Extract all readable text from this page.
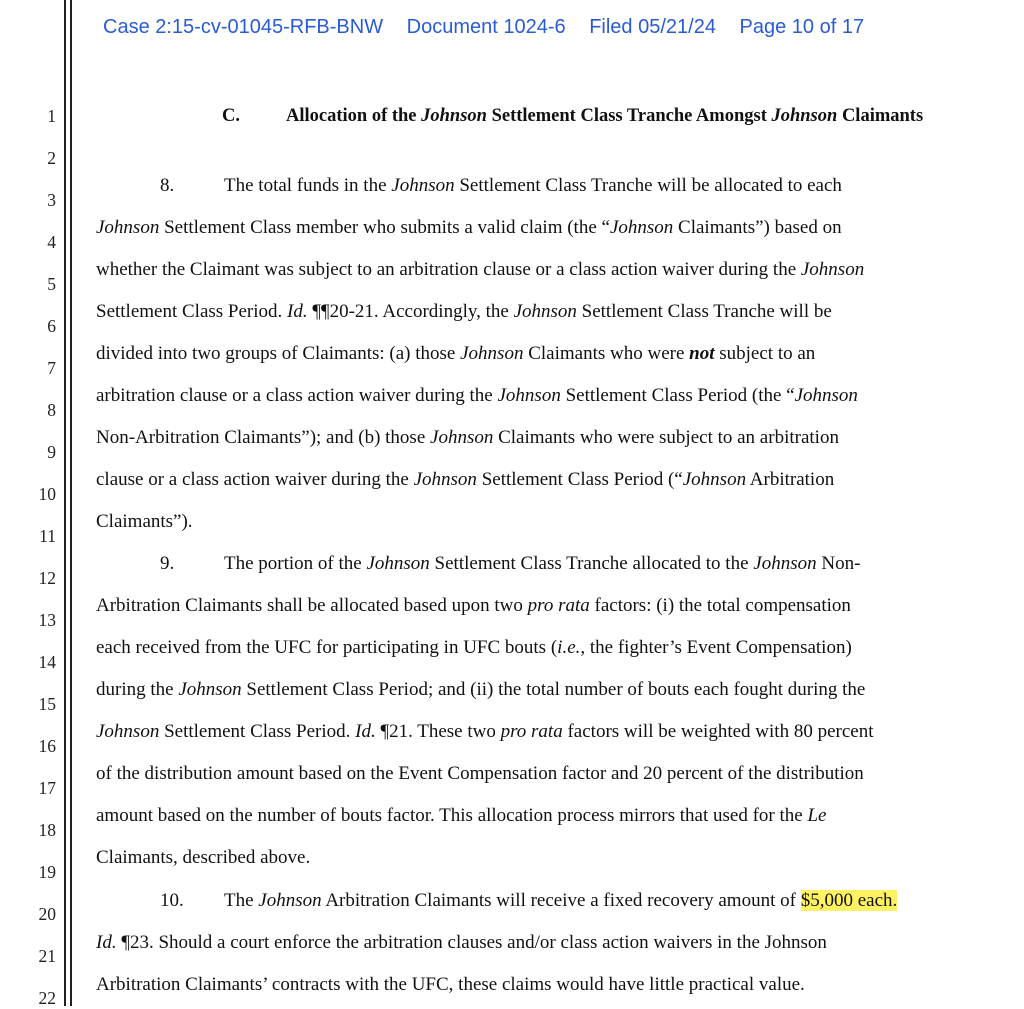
Case 2:15-cv-01045-RFB-BNW Document 1024-6 Filed 05/21/24 Page 10 of 17
1
2
3
4
5
6
7
8
9
10
11
12
13
14
15
16
17
18
19
20
21
22
C. Allocation of the Johnson Settlement Class Tranche Amongst Johnson Claimants
8.	The total funds in the Johnson Settlement Class Tranche will be allocated to each
Johnson Settlement Class member who submits a valid claim (the “Johnson Claimants”) based on
whether the Claimant was subject to an arbitration clause or a class action waiver during the Johnson
Settlement Class Period. Id. ¶¶20-21. Accordingly, the Johnson Settlement Class Tranche will be
divided into two groups of Claimants: (a) those Johnson Claimants who were not subject to an
arbitration clause or a class action waiver during the Johnson Settlement Class Period (the “Johnson
Non-Arbitration Claimants”); and (b) those Johnson Claimants who were subject to an arbitration
clause or a class action waiver during the Johnson Settlement Class Period (“Johnson Arbitration
Claimants”).
9.	The portion of the Johnson Settlement Class Tranche allocated to the Johnson Non-
Arbitration Claimants shall be allocated based upon two pro rata factors: (i) the total compensation
each received from the UFC for participating in UFC bouts (i.e., the fighter’s Event Compensation)
during the Johnson Settlement Class Period; and (ii) the total number of bouts each fought during the
Johnson Settlement Class Period. Id. ¶21. These two pro rata factors will be weighted with 80 percent
of the distribution amount based on the Event Compensation factor and 20 percent of the distribution
amount based on the number of bouts factor. This allocation process mirrors that used for the Le
Claimants, described above.
10. The Johnson Arbitration Claimants will receive a fixed recovery amount of $5,000 each.
Id. ¶23. Should a court enforce the arbitration clauses and/or class action waivers in the Johnson
Arbitration Claimants’ contracts with the UFC, these claims would have little practical value.
